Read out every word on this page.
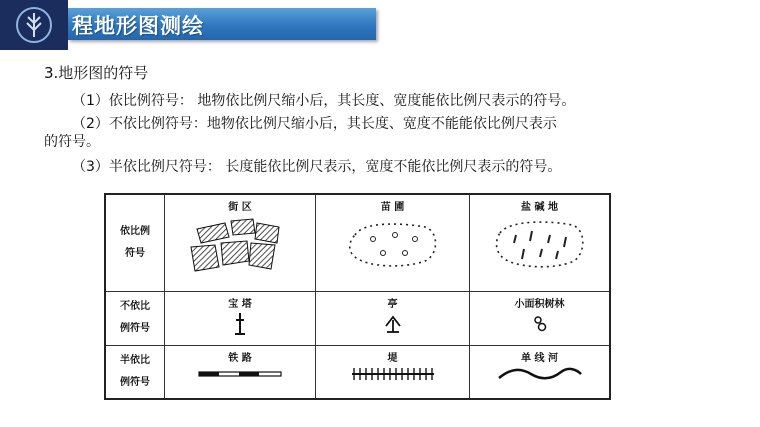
程地形图测绘
3.地形图的符号
（1）依比例符号： 地物依比例尺缩小后，其长度、宽度能依比例尺表示的符号。
（2）不依比例符号：地物依比例尺缩小后，其长度、宽度不能能依比例尺表示
的符号。
（3）半依比例尺符号： 长度能依比例尺表示，宽度不能依比例尺表示的符号。
依比例
符号	街 区	苗 圃	盐 碱 地

不依比
例符号	宝 塔	亭	小面积树林

半依比
例符号	铁 路	堤	单 线 河
